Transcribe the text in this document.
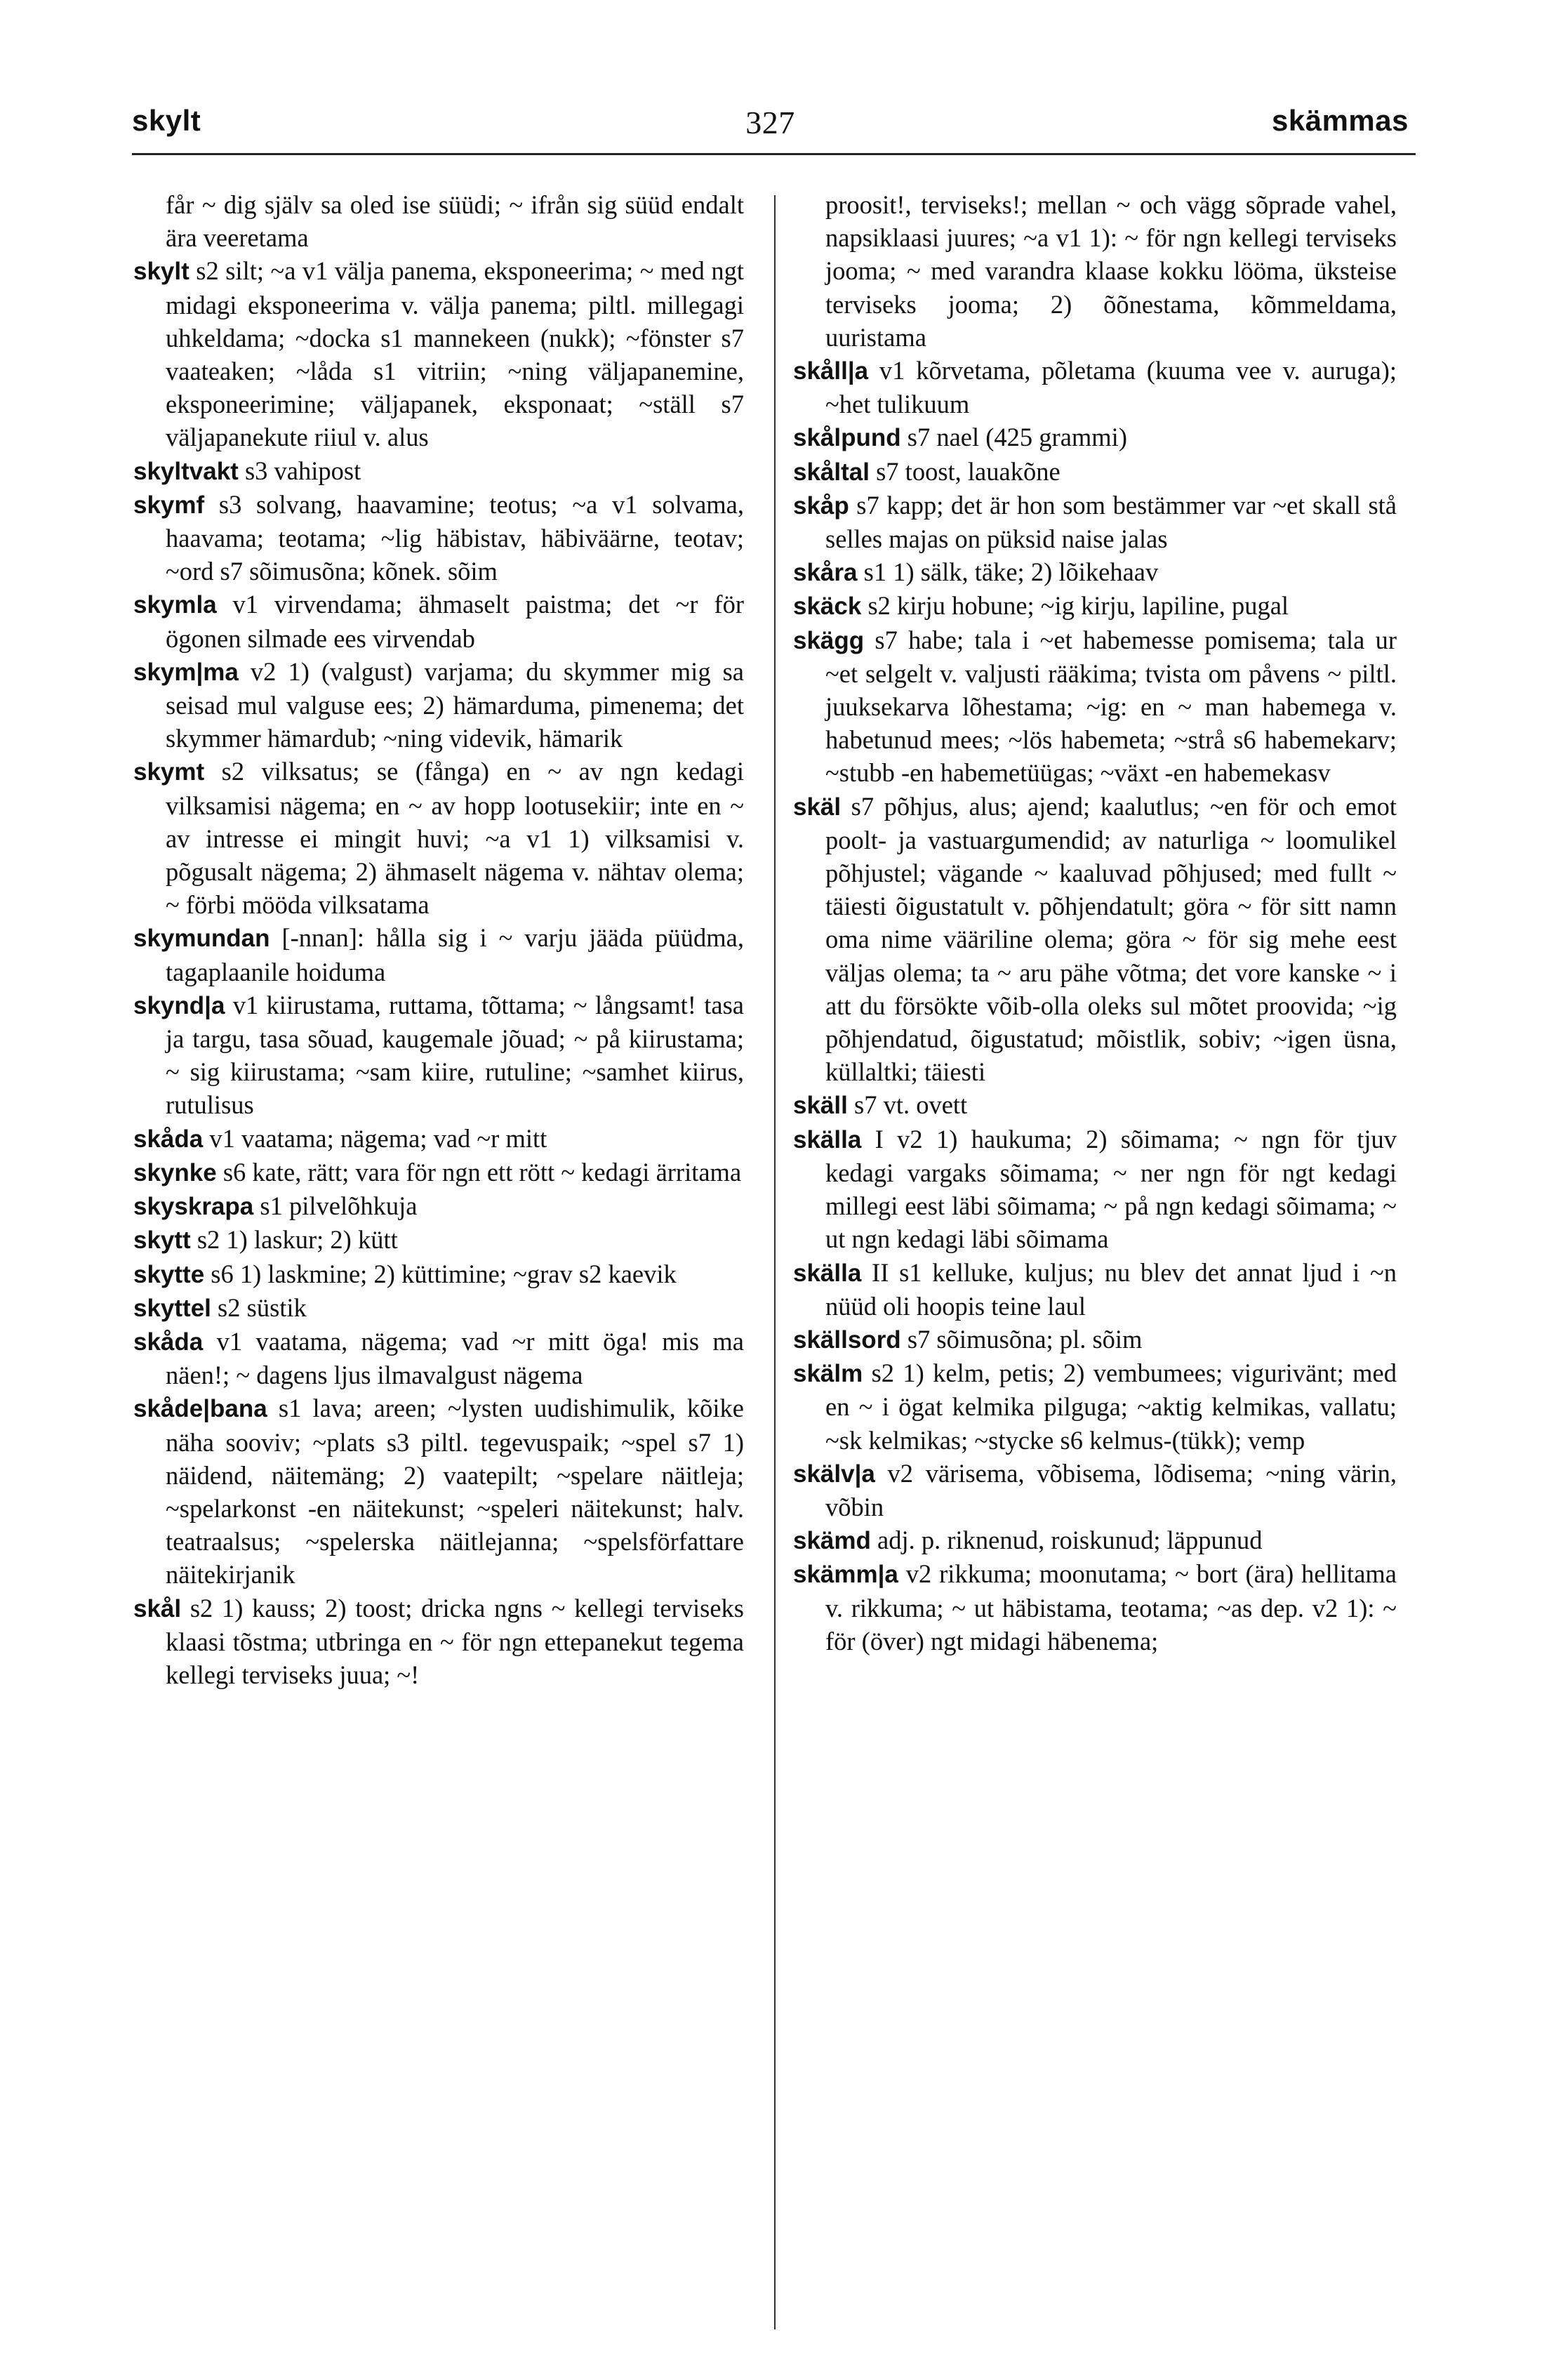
skylt	327	skämmas

får ~ dig själv sa oled ise süüdi; ~ ifrån sig süüd endalt ära veeretama

skylt s2 silt; ~a v1 välja panema, eksponeerima; ~ med ngt midagi eksponeerima v. välja panema; piltl. millegagi uhkeldama; ~docka s1 mannekeen (nukk); ~fönster s7 vaateaken; ~låda s1 vitriin; ~ning väljapanemine, eksponeerimine; väljapanek, eksponaat; ~ställ s7 väljapanekute riiul v. alus

skyltvakt s3 vahipost

skymf s3 solvang, haavamine; teotus; ~a v1 solvama, haavama; teotama; ~lig häbistav, häbiväärne, teotav; ~ord s7 sõimusõna; kõnek. sõim

skymla v1 virvendama; ähmaselt paistma; det ~r för ögonen silmade ees virvendab

skym|ma v2 1) (valgust) varjama; du skymmer mig sa seisad mul valguse ees; 2) hämarduma, pimenema; det skymmer hämardub; ~ning videvik, hämarik

skymt s2 vilksatus; se (fånga) en ~ av ngn kedagi vilksamisi nägema; en ~ av hopp lootusekiir; inte en ~ av intresse ei mingit huvi; ~a v1 1) vilksamisi v. põgusalt nägema; 2) ähmaselt nägema v. nähtav olema; ~ förbi mööda vilksatama

skymundan [-nnan]: hålla sig i ~ varju jääda püüdma, tagaplaanile hoiduma

skynd|a v1 kiirustama, ruttama, tõttama; ~ långsamt! tasa ja targu, tasa sõuad, kaugemale jõuad; ~ på kiirustama; ~ sig kiirustama; ~sam kiire, rutuline; ~samhet kiirus, rutulisus

skåda v1 vaatama; nägema; vad ~r mitt

skynke s6 kate, rätt; vara för ngn ett rött ~ kedagi ärritama

skyskrapa s1 pilvelõhkuja

skytt s2 1) laskur; 2) kütt

skytte s6 1) laskmine; 2) küttimine; ~grav s2 kaevik

skyttel s2 süstik

skåda v1 vaatama, nägema; vad ~r mitt öga! mis ma näen!; ~ dagens ljus ilmavalgust nägema

skåde|bana s1 lava; areen; ~lysten uudishimulik, kõike näha sooviv; ~plats s3 piltl. tegevuspaik; ~spel s7 1) näidend, näitemäng; 2) vaatepilt; ~spelare näitleja; ~spelarkonst -en näitekunst; ~speleri näitekunst; halv. teatraalsus; ~spelerska näitlejanna; ~spelsförfattare näitekirjanik

skål s2 1) kauss; 2) toost; dricka ngns ~ kellegi terviseks klaasi tõstma; utbringa en ~ för ngn ettepanekut tegema kellegi terviseks juua; ~!

proosit!, terviseks!; mellan ~ och vägg sõprade vahel, napsiklaasi juures; ~a v1 1): ~ för ngn kellegi terviseks jooma; ~ med varandra klaase kokku lööma, üksteise terviseks jooma; 2) õõnestama, kõmmeldama, uuristama

skåll|a v1 kõrvetama, põletama (kuuma vee v. auruga); ~het tulikuum

skålpund s7 nael (425 grammi)

skåltal s7 toost, lauakõne

skåp s7 kapp; det är hon som bestämmer var ~et skall stå selles majas on püksid naise jalas

skåra s1 1) sälk, täke; 2) lõikehaav

skäck s2 kirju hobune; ~ig kirju, lapiline, pugal

skägg s7 habe; tala i ~et habemesse pomisema; tala ur ~et selgelt v. valjusti rääkima; tvista om påvens ~ piltl. juuksekarva lõhestama; ~ig: en ~ man habemega v. habetunud mees; ~lös habemeta; ~strå s6 habemekarv; ~stubb -en habemetüügas; ~växt -en habemekasv

skäl s7 põhjus, alus; ajend; kaalutlus; ~en för och emot poolt- ja vastuargumendid; av naturliga ~ loomulikel põhjustel; vägande ~ kaaluvad põhjused; med fullt ~ täiesti õigustatult v. põhjendatult; göra ~ för sitt namn oma nime vääriline olema; göra ~ för sig mehe eest väljas olema; ta ~ aru pähe võtma; det vore kanske ~ i att du försökte võib-olla oleks sul mõtet proovida; ~ig põhjendatud, õigustatud; mõistlik, sobiv; ~igen üsna, küllaltki; täiesti

skäll s7 vt. ovett

skälla I v2 1) haukuma; 2) sõimama; ~ ngn för tjuv kedagi vargaks sõimama; ~ ner ngn för ngt kedagi millegi eest läbi sõimama; ~ på ngn kedagi sõimama; ~ ut ngn kedagi läbi sõimama

skälla II s1 kelluke, kuljus; nu blev det annat ljud i ~n nüüd oli hoopis teine laul

skällsord s7 sõimusõna; pl. sõim

skälm s2 1) kelm, petis; 2) vembumees; vigurivänt; med en ~ i ögat kelmika pilguga; ~aktig kelmikas, vallatu; ~sk kelmikas; ~stycke s6 kelmus-(tükk); vemp

skälv|a v2 värisema, võbisema, lõdisema; ~ning värin, võbin

skämd adj. p. riknenud, roiskunud; läppunud

skämm|a v2 rikkuma; moonutama; ~ bort (ära) hellitama v. rikkuma; ~ ut häbistama, teotama; ~as dep. v2 1): ~ för (över) ngt midagi häbenema;
